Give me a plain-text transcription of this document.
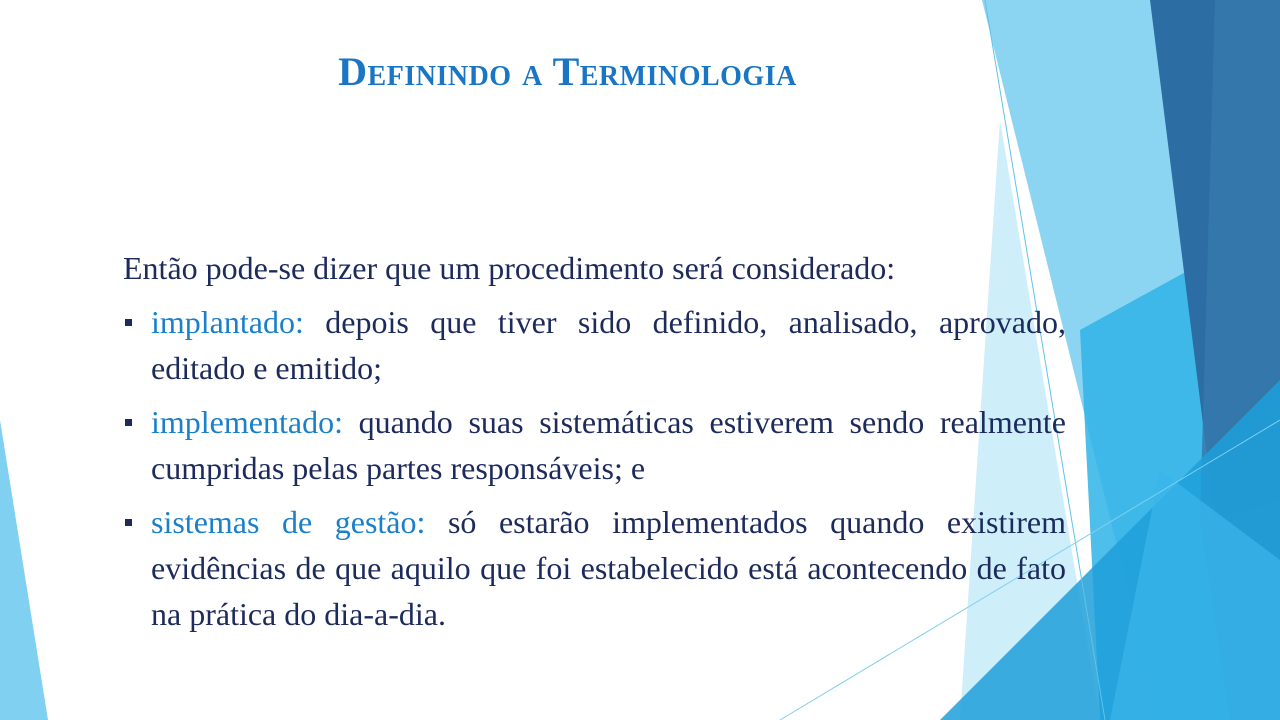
Definindo a Terminologia

Então pode-se dizer que um procedimento será considerado:

implantado: depois que tiver sido definido, analisado, aprovado, editado e emitido;
implementado: quando suas sistemáticas estiverem sendo realmente cumpridas pelas partes responsáveis; e
sistemas de gestão: só estarão implementados quando existirem evidências de que aquilo que foi estabelecido está acontecendo de fato na prática do dia-a-dia.
